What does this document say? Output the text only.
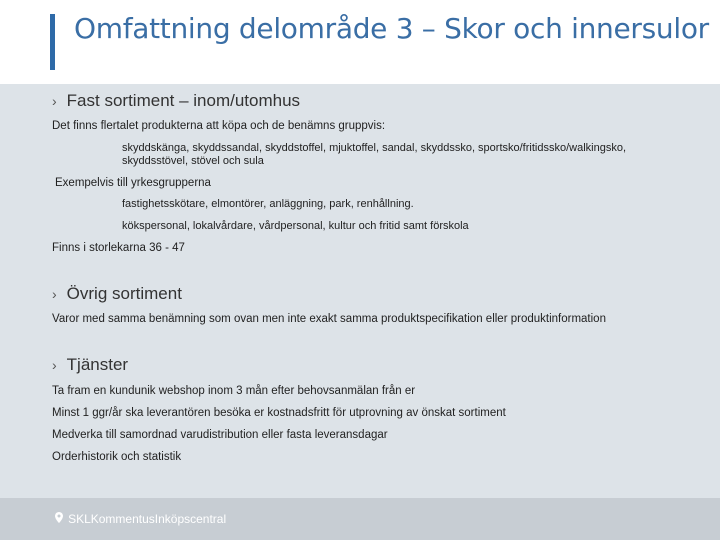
Omfattning delområde 3 – Skor och innersulor
› Fast sortiment – inom/utomhus
Det finns flertalet produkterna att köpa och de benämns gruppvis:
skyddskänga, skyddssandal, skyddstoffel, mjuktoffel, sandal, skyddssko, sportsko/fritidssko/walkingsko,
skyddsstövel, stövel och sula
Exempelvis till yrkesgrupperna
fastighetsskötare, elmontörer, anläggning, park, renhållning.
kökspersonal, lokalvårdare, vårdpersonal, kultur och fritid samt förskola
Finns i storlekarna 36 - 47
› Övrig sortiment
Varor med samma benämning som ovan men inte exakt samma produktspecifikation eller produktinformation
› Tjänster
Ta fram en kundunik webshop inom 3 mån efter behovsanmälan från er
Minst 1 ggr/år ska leverantören besöka er kostnadsfritt för utprovning av önskat sortiment
Medverka till samordnad varudistribution eller fasta leveransdagar
Orderhistorik och statistik
SKLKommentusInköpscentral
